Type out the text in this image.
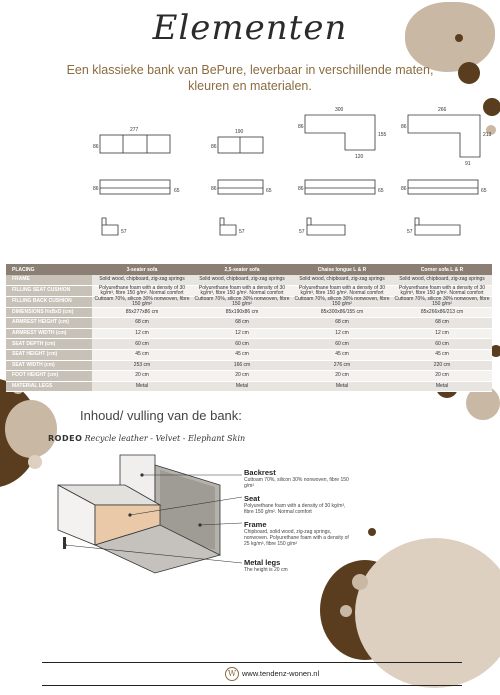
Elementen
Een klassieke bank van BePure, leverbaar in verschillende maten, kleuren en materialen.
277
86
190
86
300
86
155
120
266
86
213
91
86	65	86	65	86	65	86	65
57	57	57	57
PLACING	3-seater sofa	2,5-seater sofa	Chaise longue L & R	Corner sofa L & R
FRAME	Solid wood, chipboard, zig-zag springs	Solid wood, chipboard, zig-zag springs	Solid wood, chipboard, zig-zag springs	Solid wood, chipboard, zig-zag springs
FILLING SEAT CUSHION	Polyurethane foam with a density of 30 kg/m³, fibre 150 g/m². Normal comfort	Polyurethane foam with a density of 30 kg/m³, fibre 150 g/m². Normal comfort	Polyurethane foam with a density of 30 kg/m³, fibre 150 g/m². Normal comfort	Polyurethane foam with a density of 30 kg/m³, fibre 150 g/m². Normal comfort
FILLING BACK CUSHION	Cuttoam 70%, silicon 30% nonwoven, fibre 150 g/m²	Cuttoam 70%, silicon 30% nonwoven, fibre 150 g/m²	Cuttoam 70%, silicon 30% nonwoven, fibre 150 g/m²	Cuttoam 70%, silicon 30% nonwoven, fibre 150 g/m²
DIMENSIONS HxBxD (cm)	85x277x86 cm	85x190x86 cm	85x300x86/155 cm	85x266x86/213 cm
ARMREST HEIGHT (cm)	68 cm	68 cm	68 cm	68 cm
ARMREST WIDTH (cm)	12 cm	12 cm	12 cm	12 cm
SEAT DEPTH (cm)	60 cm	60 cm	60 cm	60 cm
SEAT HEIGHT (cm)	45 cm	45 cm	45 cm	45 cm
SEAT WIDTH (cm)	253 cm	166 cm	276 cm	220 cm
FOOT HEIGHT (cm)	20 cm	20 cm	20 cm	20 cm
MATERIAL LEGS	Metal	Metal	Metal	Metal
Inhoud/ vulling van de bank:
RODEO Recycle leather - Velvet - Elephant Skin
Backrest
Cuttoam 70%, silicon 30% nonwoven, fibre 150 g/m²
Seat
Polyurethane foam with a density of 30 kg/m³, fibre 150 g/m². Normal comfort
Frame
Chipboard, solid wood, zig-zag springs, nonwoven. Polyurethane foam with a density of 25 kg/m³, fibre 150 g/m²
Metal legs
The height is 20 cm
W www.tendenz-wonen.nl
